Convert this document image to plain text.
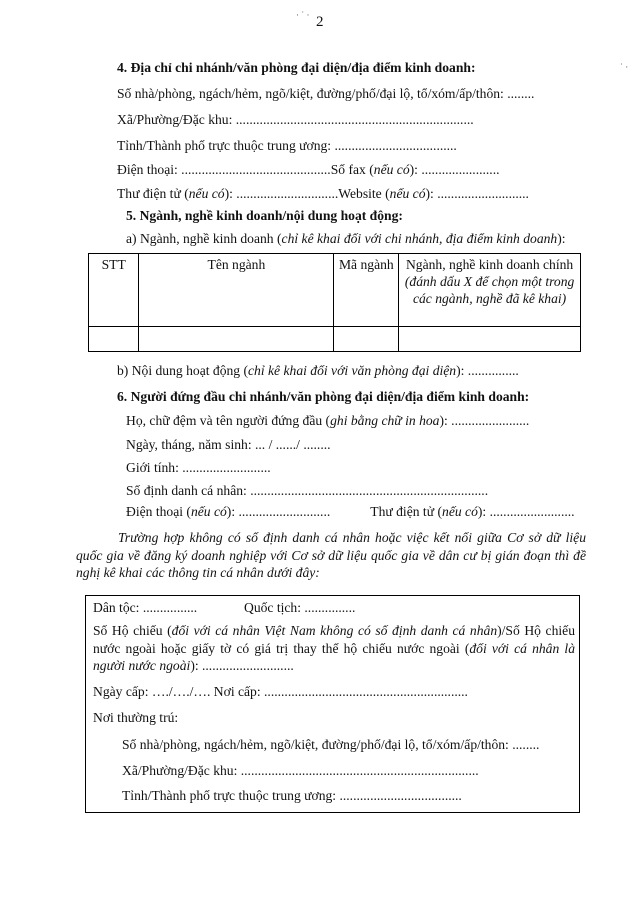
2
· ˙ ·
˙ ·
4. Địa chỉ chi nhánh/văn phòng đại diện/địa điểm kinh doanh:
Số nhà/phòng, ngách/hẻm, ngõ/kiệt, đường/phố/đại lộ, tổ/xóm/ấp/thôn: ........
Xã/Phường/Đặc khu: ......................................................................
Tỉnh/Thành phố trực thuộc trung ương: ....................................
Điện thoại: ............................................Số fax (nếu có): .......................
Thư điện tử (nếu có): ..............................Website (nếu có): ...........................
5. Ngành, nghề kinh doanh/nội dung hoạt động:
a) Ngành, nghề kinh doanh (chỉ kê khai đối với chi nhánh, địa điểm kinh doanh):
STT	Tên ngành	Mã ngành	Ngành, nghề kinh doanh chính (đánh dấu X để chọn một trong các ngành, nghề đã kê khai)

b) Nội dung hoạt động (chỉ kê khai đối với văn phòng đại diện): ...............
6. Người đứng đầu chi nhánh/văn phòng đại diện/địa điểm kinh doanh:
Họ, chữ đệm và tên người đứng đầu (ghi bằng chữ in hoa): .......................
Ngày, tháng, năm sinh: ... / ....../ ........
Giới tính: ..........................
Số định danh cá nhân: ......................................................................
Điện thoại (nếu có): ...........................	Thư điện tử (nếu có): .........................
Trường hợp không có số định danh cá nhân hoặc việc kết nối giữa Cơ sở dữ liệu quốc gia về đăng ký doanh nghiệp với Cơ sở dữ liệu quốc gia về dân cư bị gián đoạn thì đề nghị kê khai các thông tin cá nhân dưới đây:
Dân tộc: ................	Quốc tịch: ...............
Số Hộ chiếu (đối với cá nhân Việt Nam không có số định danh cá nhân)/Số Hộ chiếu nước ngoài hoặc giấy tờ có giá trị thay thế hộ chiếu nước ngoài (đối với cá nhân là người nước ngoài): ...........................
Ngày cấp: …./…./…. Nơi cấp: ............................................................
Nơi thường trú:
Số nhà/phòng, ngách/hẻm, ngõ/kiệt, đường/phố/đại lộ, tổ/xóm/ấp/thôn: ........
Xã/Phường/Đặc khu: ......................................................................
Tỉnh/Thành phố trực thuộc trung ương: ....................................
